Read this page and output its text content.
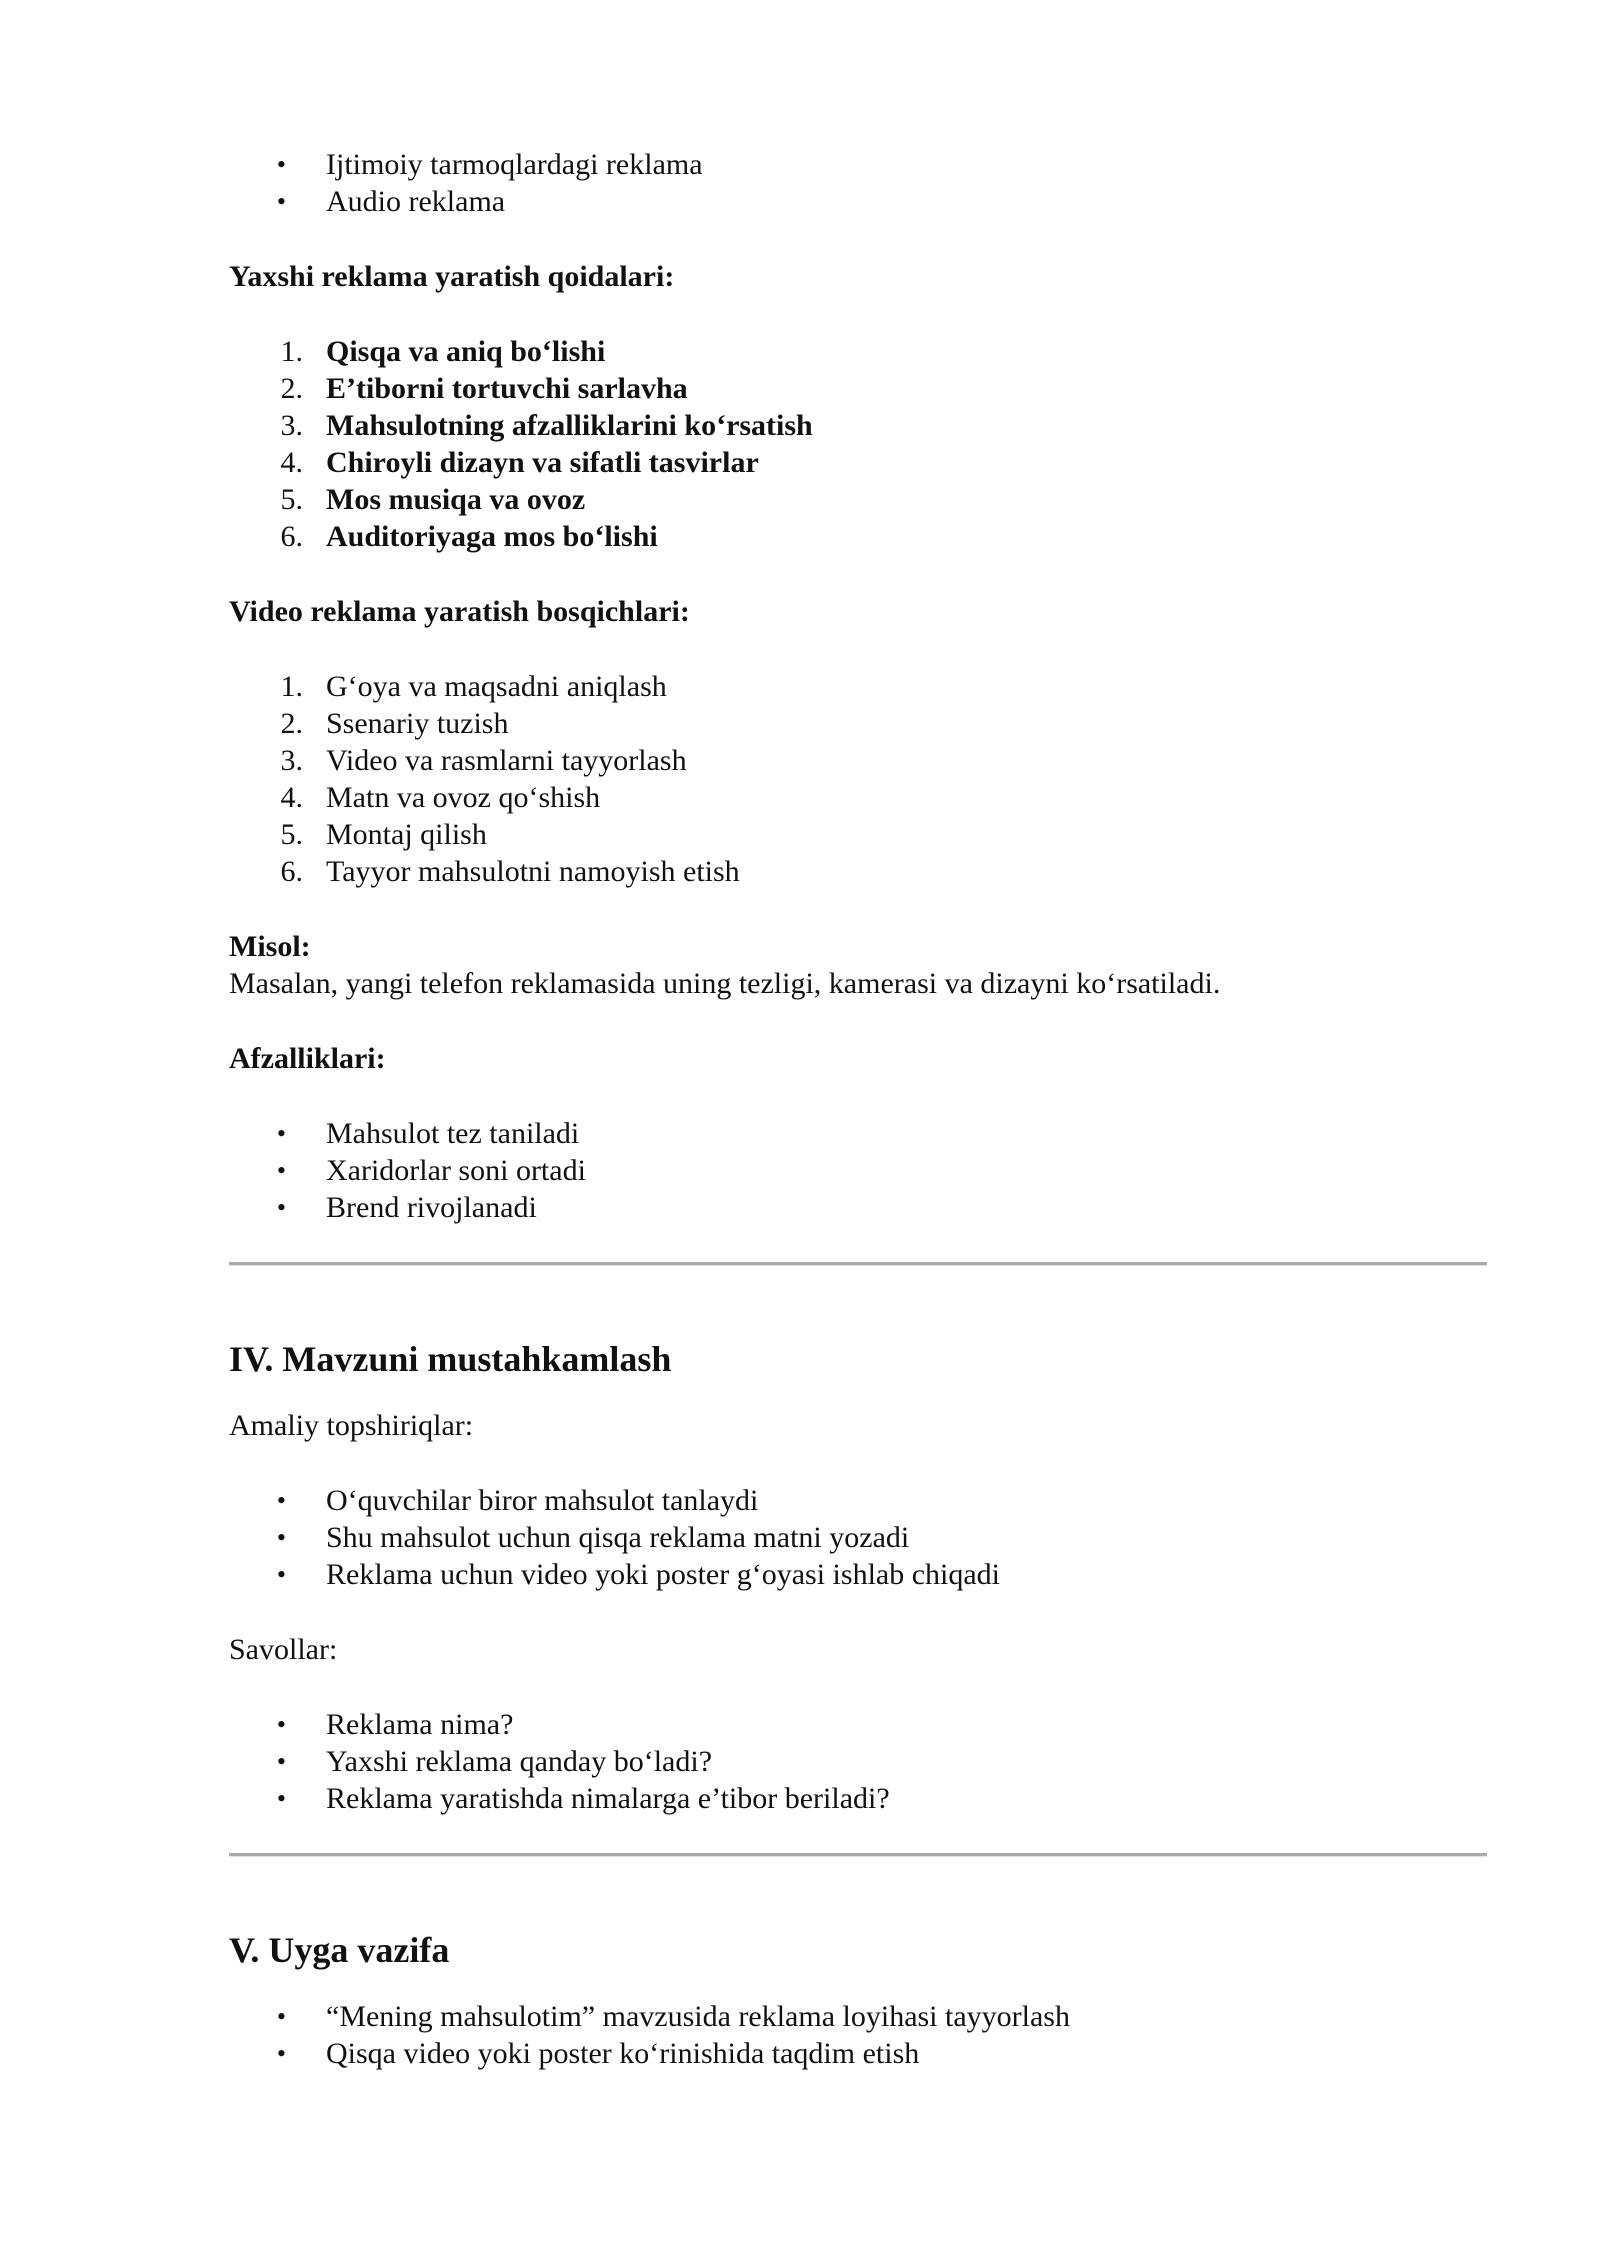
• Ijtimoiy tarmoqlardagi reklama
• Audio reklama

Yaxshi reklama yaratish qoidalari:

1. Qisqa va aniq bo‘lishi
2. E’tiborni tortuvchi sarlavha
3. Mahsulotning afzalliklarini ko‘rsatish
4. Chiroyli dizayn va sifatli tasvirlar
5. Mos musiqa va ovoz
6. Auditoriyaga mos bo‘lishi

Video reklama yaratish bosqichlari:

1. G‘oya va maqsadni aniqlash
2. Ssenariy tuzish
3. Video va rasmlarni tayyorlash
4. Matn va ovoz qo‘shish
5. Montaj qilish
6. Tayyor mahsulotni namoyish etish

Misol:

Masalan, yangi telefon reklamasida uning tezligi, kamerasi va dizayni ko‘rsatiladi.

Afzalliklari:

• Mahsulot tez taniladi
• Xaridorlar soni ortadi
• Brend rivojlanadi
IV. Mavzuni mustahkamlash

Amaliy topshiriqlar:

• O‘quvchilar biror mahsulot tanlaydi
• Shu mahsulot uchun qisqa reklama matni yozadi
• Reklama uchun video yoki poster g‘oyasi ishlab chiqadi

Savollar:

• Reklama nima?
• Yaxshi reklama qanday bo‘ladi?
• Reklama yaratishda nimalarga e’tibor beriladi?
V. Uyga vazifa
• “Mening mahsulotim” mavzusida reklama loyihasi tayyorlash
• Qisqa video yoki poster ko‘rinishida taqdim etish
